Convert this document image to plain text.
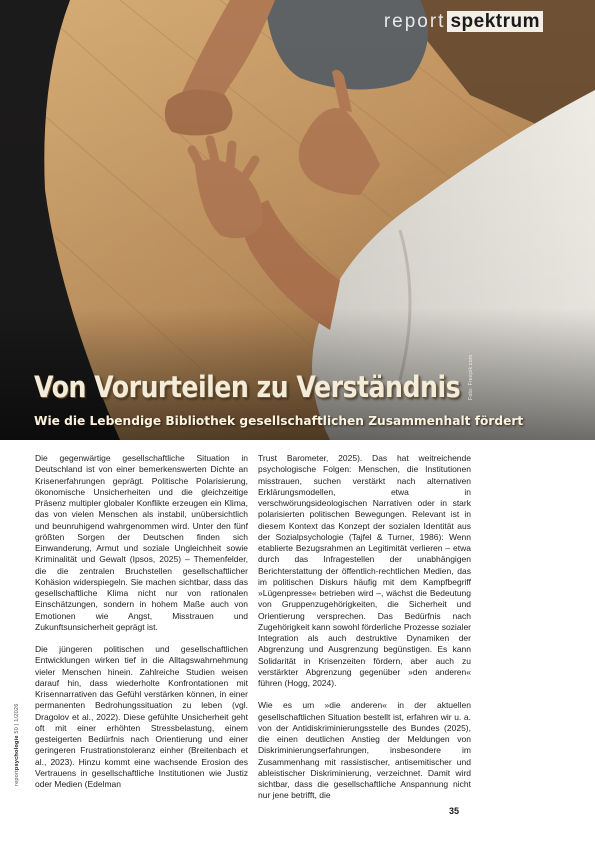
report spektrum
Von Vorurteilen zu Verständnis
Wie die Lebendige Bibliothek gesellschaftlichen Zusammenhalt fördert
Foto: Freepik.com

Die gegenwärtige gesellschaftliche Situation in Deutschland ist von einer bemerkenswerten Dichte an Krisenerfahrungen geprägt. Politische Polarisierung, ökonomische Unsicherheiten und die gleichzeitige Präsenz multipler globaler Konflikte erzeugen ein Klima, das von vielen Menschen als instabil, unübersichtlich und beunruhigend wahrgenommen wird. Unter den fünf größten Sorgen der Deutschen finden sich Einwanderung, Armut und soziale Ungleichheit sowie Kriminalität und Gewalt (Ipsos, 2025) – Themenfelder, die die zentralen Bruchstellen gesellschaftlicher Kohäsion widerspiegeln. Sie machen sichtbar, dass das gesellschaftliche Klima nicht nur von rationalen Einschätzungen, sondern in hohem Maße auch von Emotionen wie Angst, Misstrauen und Zukunftsunsicherheit geprägt ist.

Die jüngeren politischen und gesellschaftlichen Entwicklungen wirken tief in die Alltagswahrnehmung vieler Menschen hinein. Zahlreiche Studien weisen darauf hin, dass wiederholte Konfrontationen mit Krisennarrativen das Gefühl verstärken können, in einer permanenten Bedrohungssituation zu leben (vgl. Dragolov et al., 2022). Diese gefühlte Unsicherheit geht oft mit einer erhöhten Stressbelastung, einem gesteigerten Bedürfnis nach Orientierung und einer geringeren Frustrationstoleranz einher (Breitenbach et al., 2023). Hinzu kommt eine wachsende Erosion des Vertrauens in gesellschaftliche Institutionen wie Justiz oder Medien (Edelman

Trust Barometer, 2025). Das hat weitreichende psychologische Folgen: Menschen, die Institutionen misstrauen, suchen verstärkt nach alternativen Erklärungsmodellen, etwa in verschwörungsideologischen Narrativen oder in stark polarisierten politischen Bewegungen. Relevant ist in diesem Kontext das Konzept der sozialen Identität aus der Sozialpsychologie (Tajfel & Turner, 1986): Wenn etablierte Bezugsrahmen an Legitimität verlieren – etwa durch das Infragestellen der unabhängigen Berichterstattung der öffentlich-rechtlichen Medien, das im politischen Diskurs häufig mit dem Kampfbegriff »Lügenpresse« betrieben wird –, wächst die Bedeutung von Gruppenzugehörigkeiten, die Sicherheit und Orientierung versprechen. Das Bedürfnis nach Zugehörigkeit kann sowohl förderliche Prozesse sozialer Integration als auch destruktive Dynamiken der Abgrenzung und Ausgrenzung begünstigen. Es kann Solidarität in Krisenzeiten fördern, aber auch zu verstärkter Abgrenzung gegenüber »den anderen« führen (Hogg, 2024).

Wie es um »die anderen« in der aktuellen gesellschaftlichen Situation bestellt ist, erfahren wir u. a. von der Antidiskriminierungsstelle des Bundes (2025), die einen deutlichen Anstieg der Meldungen von Diskriminierungserfahrungen, insbesondere im Zusammenhang mit rassistischer, antisemitischer und ableistischer Diskriminierung, verzeichnet. Damit wird sichtbar, dass die gesellschaftliche Anspannung nicht nur jene betrifft, die

reportpsychologie 50 | 1/2026
35
